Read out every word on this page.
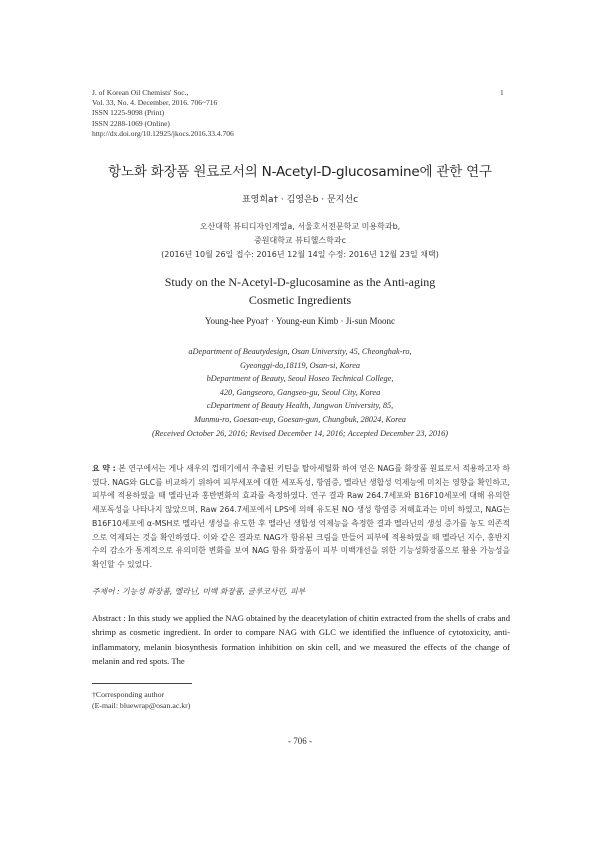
J. of Korean Oil Chemists' Soc.,
Vol. 33, No. 4. December, 2016. 706~716
ISSN 1225-9098 (Print)
ISSN 2288-1069 (Online)
http://dx.doi.org/10.12925/jkocs.2016.33.4.706
1
항노화 화장품 원료로서의 N-Acetyl-D-glucosamine에 관한 연구
표영희a† · 김영은b · 문지선c
오산대학 뷰티디자인계열a, 서울호서전문학교 미용학과b,
중원대학교 뷰티헬스학과c
(2016년 10월 26일 접수: 2016년 12월 14일 수정: 2016년 12월 23일 채택)
Study on the N-Acetyl-D-glucosamine as the Anti-aging
Cosmetic Ingredients
Young-hee Pyoa† · Young-eun Kimb · Ji-sun Moonc
aDepartment of Beautydesign, Osan University, 45, Cheonghak-ro,
Gyeonggi-do,18119, Osan-si, Korea
bDepartment of Beauty, Seoul Hoseo Technical College,
420, Gangseoro, Gangseo-gu, Seoul City, Korea
cDepartment of Beauty Health, Jungwon University, 85,
Munmu-ro, Goesan-eup, Goesan-gun, Chungbuk, 28024, Korea
(Received October 26, 2016; Revised December 14, 2016; Accepted December 23, 2016)
요 약 : 본 연구에서는 게나 새우의 껍데기에서 추출된 키틴을 탈아세틸화 하여 얻은 NAG를 화장품 원료로서 적용하고자 하였다. NAG와 GLC를 비교하기 위하여 피부세포에 대한 세포독성, 항염증, 멜라닌 생합성 억제능에 미치는 영향을 확인하고, 피부에 적용하였을 때 멜라닌과 홍반변화의 효과를 측정하였다. 연구 결과 Raw 264.7세포와 B16F10세포에 대해 유의한 세포독성을 나타나지 않았으며, Raw 264.7세포에서 LPS에 의해 유도된 NO 생성 항염증 저해효과는 미비 하였고, NAG는 B16F10세포에 α-MSH로 멜라닌 생성을 유도한 후 멜라닌 생합성 억제능을 측정한 결과 멜라닌의 생성 증가를 농도 의존적으로 억제되는 것을 확인하였다. 이와 같은 결과로 NAG가 함유된 크림을 만들어 피부에 적용하였을 때 멜라닌 지수, 홍반지수의 감소가 통계적으로 유의미한 변화를 보여 NAG 함유 화장품이 피부 미백개선을 위한 기능성화장품으로 활용 가능성을 확인할 수 있었다.
주제어 : 기능성 화장품, 멜라닌, 미백 화장품, 글루코사민, 피부
Abstract : In this study we applied the NAG obtained by the deacetylation of chitin extracted from the shells of crabs and shrimp as cosmetic ingredient. In order to compare NAG with GLC we identified the influence of cytotoxicity, anti-inflammatory, melanin biosynthesis formation inhibition on skin cell, and we measured the effects of the change of melanin and red spots. The
†Corresponding author
(E-mail: bluewrap@osan.ac.kr)
- 706 -
